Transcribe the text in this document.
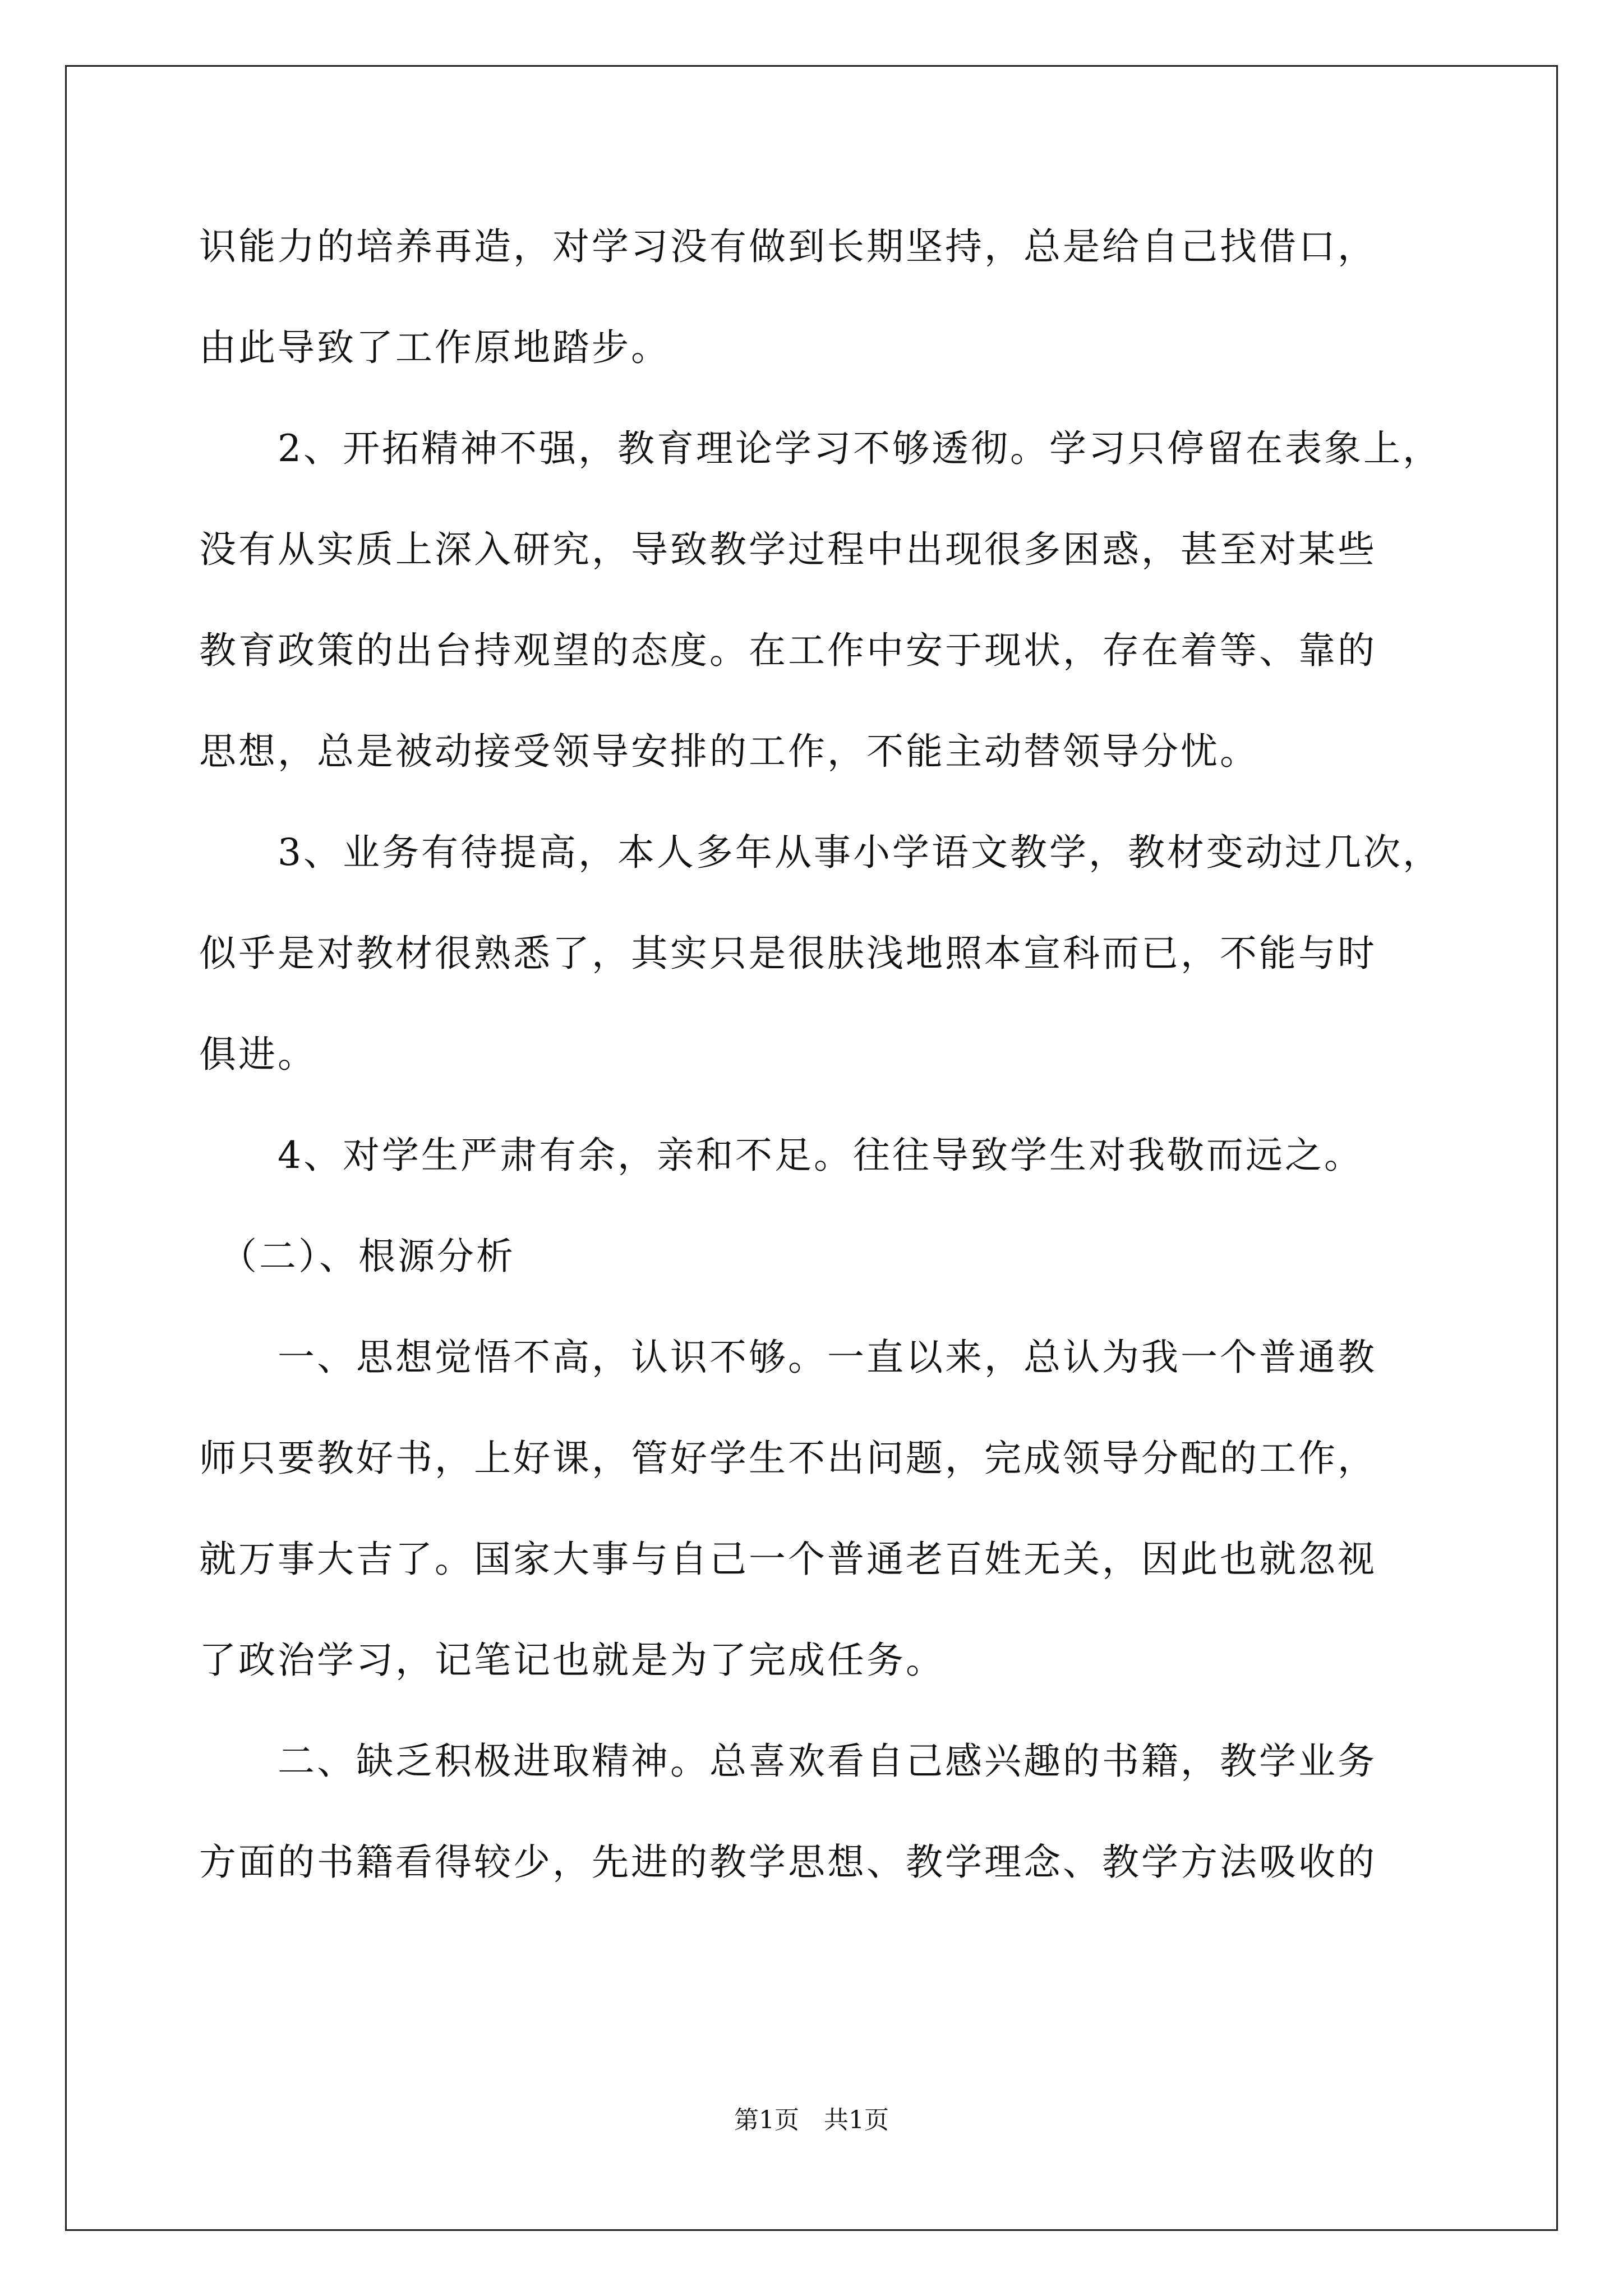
识能力的培养再造，对学习没有做到长期坚持，总是给自己找借口，
由此导致了工作原地踏步。
　　2、开拓精神不强，教育理论学习不够透彻。学习只停留在表象上，
没有从实质上深入研究，导致教学过程中出现很多困惑，甚至对某些
教育政策的出台持观望的态度。在工作中安于现状，存在着等、靠的
思想，总是被动接受领导安排的工作，不能主动替领导分忧。
　　3、业务有待提高，本人多年从事小学语文教学，教材变动过几次，
似乎是对教材很熟悉了，其实只是很肤浅地照本宣科而已，不能与时
俱进。
　　4、对学生严肃有余，亲和不足。往往导致学生对我敬而远之。
　（二）、根源分析
　　一、思想觉悟不高，认识不够。一直以来，总认为我一个普通教
师只要教好书，上好课，管好学生不出问题，完成领导分配的工作，
就万事大吉了。国家大事与自己一个普通老百姓无关，因此也就忽视
了政治学习，记笔记也就是为了完成任务。
　　二、缺乏积极进取精神。总喜欢看自己感兴趣的书籍，教学业务
方面的书籍看得较少，先进的教学思想、教学理念、教学方法吸收的
第1页　共1页
